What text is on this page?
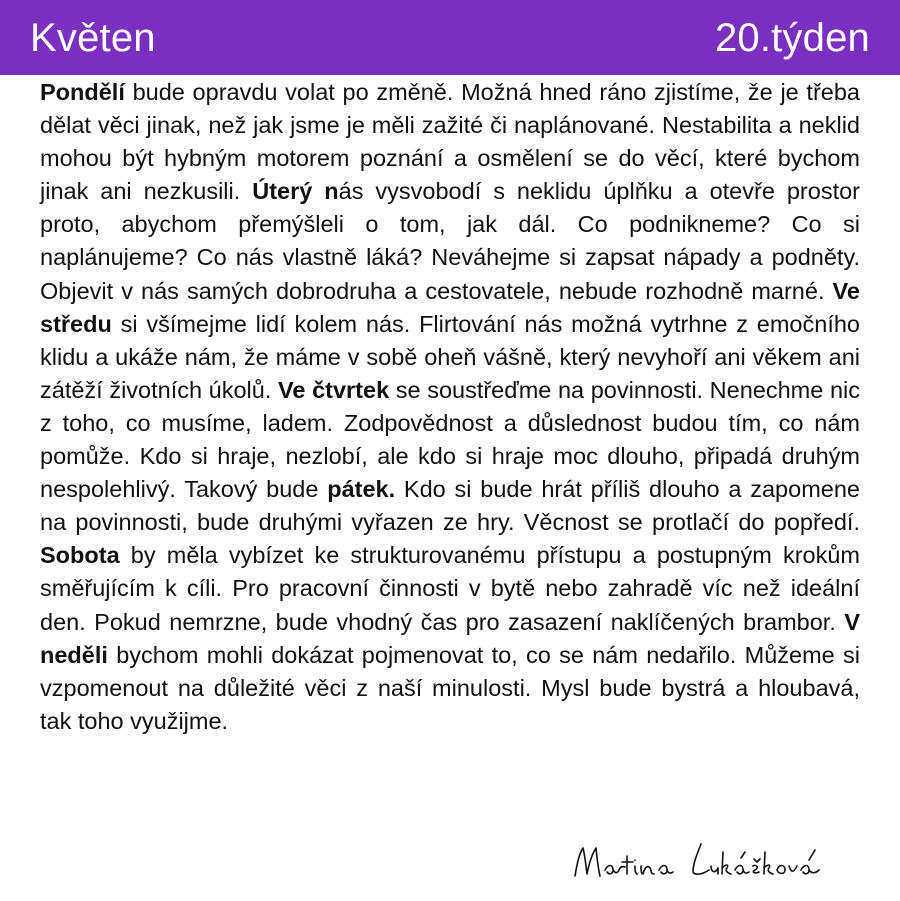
Květen	20.týden
Pondělí bude opravdu volat po změně. Možná hned ráno zjistíme, že je třeba dělat věci jinak, než jak jsme je měli zažité či naplánované. Nestabilita a neklid mohou být hybným motorem poznání a osmělení se do věcí, které bychom jinak ani nezkusili. Úterý nás vysvobodí s neklidu úplňku a otevře prostor proto, abychom přemýšleli o tom, jak dál. Co podnikneme? Co si naplánujeme? Co nás vlastně láká? Neváhejme si zapsat nápady a podněty. Objevit v nás samých dobrodruha a cestovatele, nebude rozhodně marné. Ve středu si všímejme lidí kolem nás. Flirtování nás možná vytrhne z emočního klidu a ukáže nám, že máme v sobě oheň vášně, který nevyhoří ani věkem ani zátěží životních úkolů. Ve čtvrtek se soustřeďme na povinnosti. Nenechme nic z toho, co musíme, ladem. Zodpovědnost a důslednost budou tím, co nám pomůže. Kdo si hraje, nezlobí, ale kdo si hraje moc dlouho, připadá druhým nespolehlivý. Takový bude pátek. Kdo si bude hrát příliš dlouho a zapomene na povinnosti, bude druhými vyřazen ze hry. Věcnost se protlačí do popředí. Sobota by měla vybízet ke strukturovanému přístupu a postupným krokům směřujícím k cíli. Pro pracovní činnosti v bytě nebo zahradě víc než ideální den. Pokud nemrzne, bude vhodný čas pro zasazení naklíčených brambor. V neděli bychom mohli dokázat pojmenovat to, co se nám nedařilo. Můžeme si vzpomenout na důležité věci z naší minulosti. Mysl bude bystrá a hloubavá, tak toho využijme.
